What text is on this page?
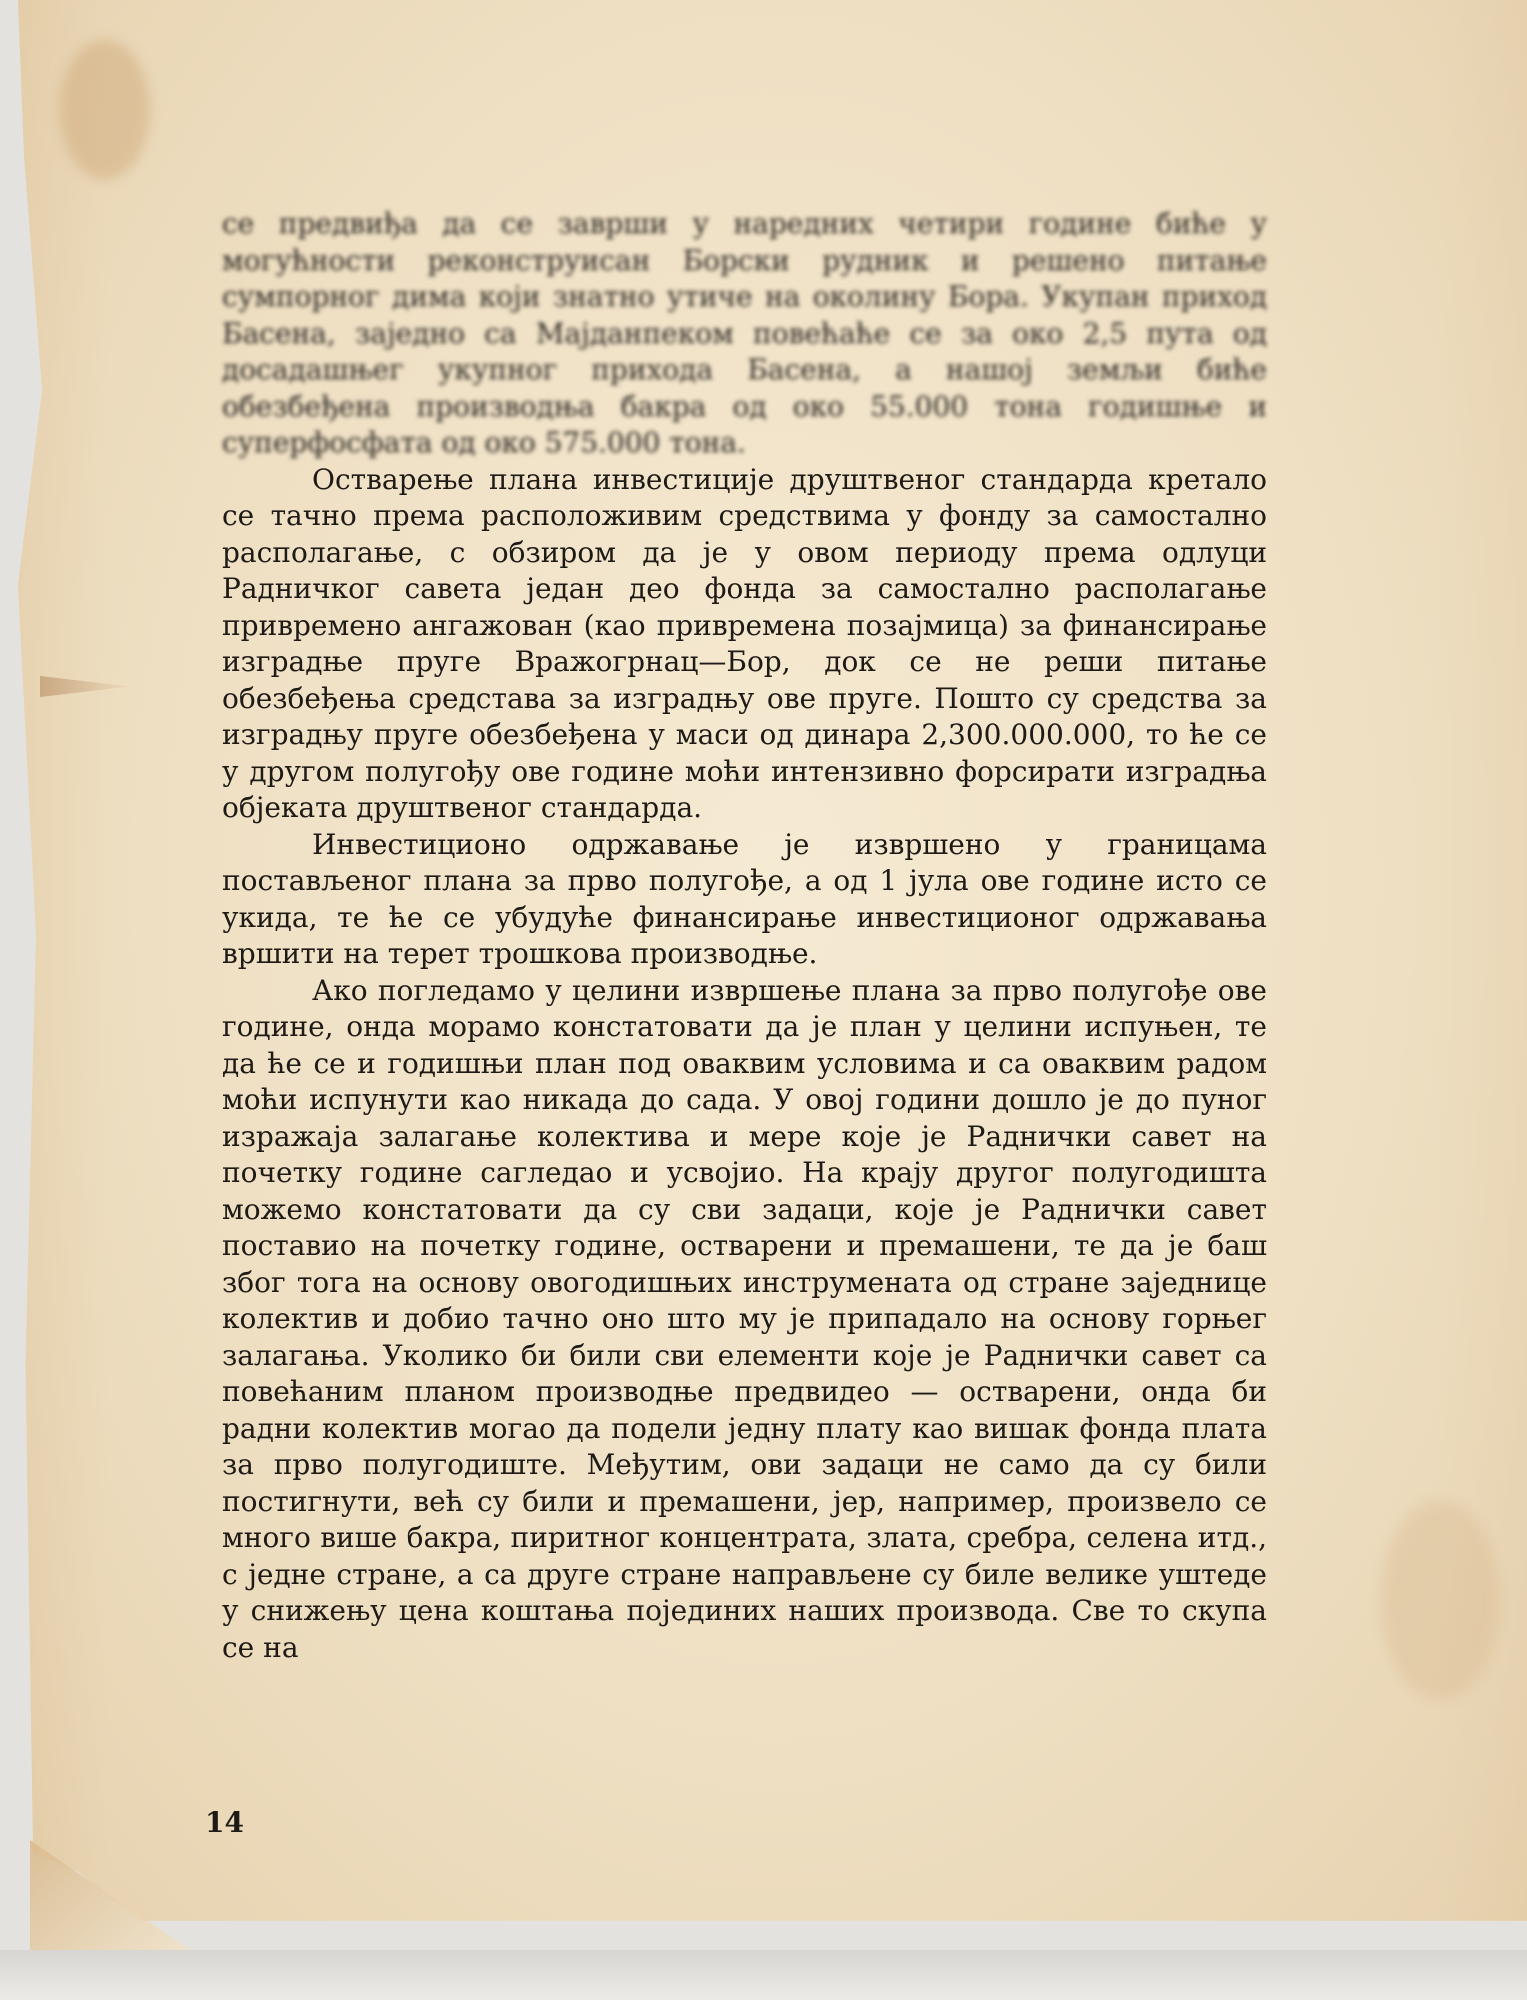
се предвиђа да се заврши у наредних четири године биће у могућности реконструисан Борски рудник и решено питање сумпорног дима који знатно утиче на околину Бора. Укупан приход Басена, заједно са Мајданпеком повећаће се за око 2,5 пута од досадашњег укупног прихода Басена, а нашој земљи биће обезбеђена производња бакра од око 55.000 тона годишње и суперфосфата од око 575.000 тона.

Остварење плана инвестиције друштвеног стандарда кретало се тачно према расположивим средствима у фонду за самостално располагање, с обзиром да је у овом периоду према одлуци Радничког савета један део фонда за самостално располагање привремено ангажован (као привремена позајмица) за финансирање изградње пруге Вражогрнац—Бор, док се не реши питање обезбеђења средстава за изградњу ове пруге. Пошто су средства за изградњу пруге обезбеђена у маси од динара 2,300.000.000, то ће се у другом полугођу ове године моћи интензивно форсирати изградња објеката друштвеног стандарда.

Инвестиционо одржавање је извршено у границама постављеног плана за прво полугође, а од 1 јула ове године исто се укида, те ће се убудуће финансирање инвестиционог одржавања вршити на терет трошкова производње.

Ако погледамо у целини извршење плана за прво полугође ове године, онда морамо констатовати да је план у целини испуњен, те да ће се и годишњи план под оваквим условима и са оваквим радом моћи испунути као никада до сада. У овој години дошло је до пуног изражаја залагање колектива и мере које је Раднички савет на почетку године сагледао и усвојио. На крају другог полугодишта можемо констатовати да су сви задаци, које је Раднички савет поставио на почетку године, остварени и премашени, те да је баш због тога на основу овогодишњих инструмената од стране заједнице колектив и добио тачно оно што му је припадало на основу горњег залагања. Уколико би били сви елементи које је Раднички савет са повећаним планом производње предвидео — остварени, онда би радни колектив могао да подели једну плату као вишак фонда плата за прво полугодиште. Међутим, ови задаци не само да су били постигнути, већ су били и премашени, јер, например, произвело се много више бакра, пиритног концентрата, злата, сребра, селена итд., с једне стране, а са друге стране направљене су биле велике уштеде у снижењу цена коштања појединих наших производа. Све то скупа се на

14
